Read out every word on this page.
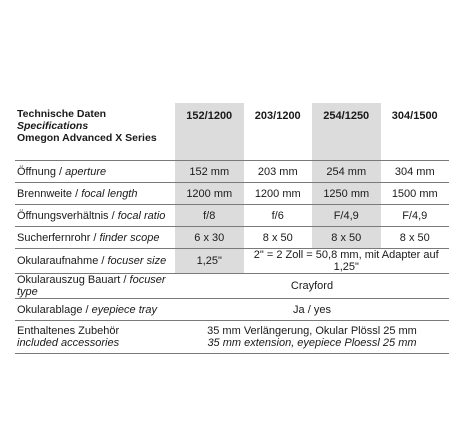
Technische Daten
Specifications
Omegon Advanced X Series	152/1200	203/1200	254/1250	304/1500
Öffnung / aperture	152 mm	203 mm	254 mm	304 mm
Brennweite / focal length	1200 mm	1200 mm	1250 mm	1500 mm
Öffnungsverhältnis / focal ratio	f/8	f/6	F/4,9	F/4,9
Sucherfernrohr / finder scope	6 x 30	8 x 50	8 x 50	8 x 50
Okularaufnahme / focuser size	1,25"	2" = 2 Zoll = 50,8 mm, mit Adapter auf 1,25"		
Okularauszug Bauart / focuser type	Crayford			
Okularablage / eyepiece tray	Ja / yes			

Enthaltenes Zubehör
included accessories	35 mm Verlängerung, Okular Plössl 25 mm
35 mm extension, eyepiece Ploessl 25 mm			
